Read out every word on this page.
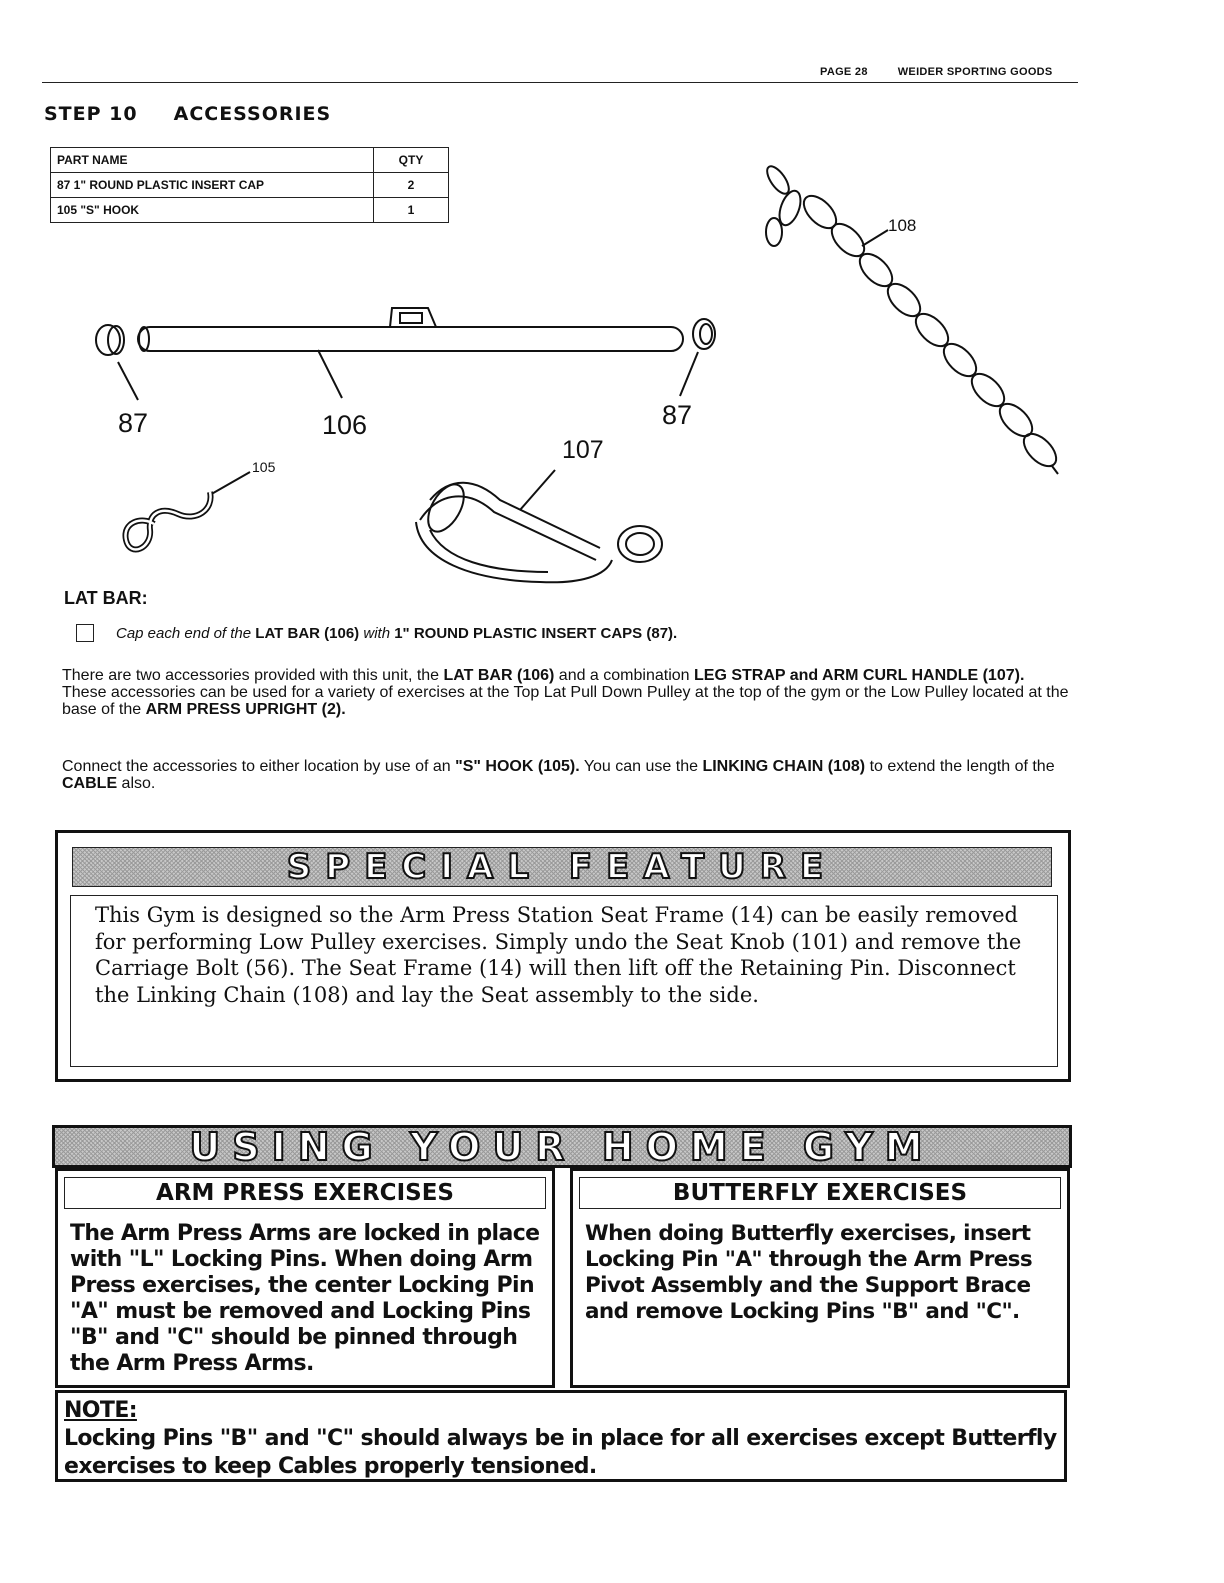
PAGE 28	WEIDER SPORTING GOODS
STEP 10 ACCESSORIES
PART NAME	QTY
87 1" ROUND PLASTIC INSERT CAP	2
105 "S" HOOK	1
87	106	87
107
105
108
LAT BAR:
Cap each end of the
LAT BAR (106)
with
1" ROUND PLASTIC INSERT CAPS (87).
There are two accessories provided with this unit, the LAT BAR (106) and a combination LEG STRAP and ARM CURL HANDLE (107). These accessories can be used for a variety of exercises at the Top Lat Pull Down Pulley at the top of the gym or the Low Pulley located at the base of the ARM PRESS UPRIGHT (2).
Connect the accessories to either location by use of an "S" HOOK (105). You can use the LINKING CHAIN (108) to extend the length of the CABLE also.
SPECIAL FEATURE
This Gym is designed so the Arm Press Station Seat Frame (14) can be easily removed for performing Low Pulley exercises. Simply undo the Seat Knob (101) and remove the Carriage Bolt (56). The Seat Frame (14) will then lift off the Retaining Pin. Disconnect the Linking Chain (108) and lay the Seat assembly to the side.
USING YOUR HOME GYM
ARM PRESS EXERCISES
The Arm Press Arms are locked in place with "L" Locking Pins. When doing Arm Press exercises, the center Locking Pin "A" must be removed and Locking Pins "B" and "C" should be pinned through the Arm Press Arms.
BUTTERFLY EXERCISES
When doing Butterfly exercises, insert Locking Pin "A" through the Arm Press Pivot Assembly and the Support Brace and remove Locking Pins "B" and "C".
NOTE:
Locking Pins "B" and "C" should always be in place for all exercises except Butterfly exercises to keep Cables properly tensioned.
